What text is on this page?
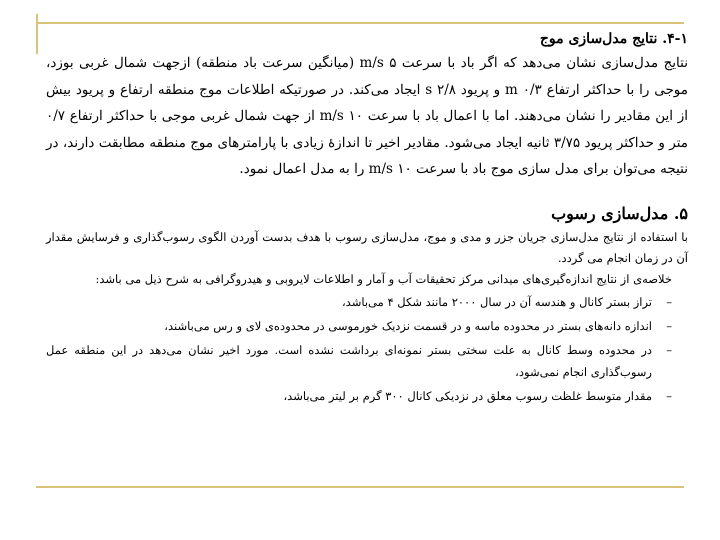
۴-۱. نتایج مدل‌سازی موج

نتایج مدل‌سازی نشان می‌دهد که اگر باد با سرعت ۵ m/s (میانگین سرعت باد منطقه) ازجهت شمال غربی بوزد، موجی را با حداکثر ارتفاع ۰/۳ m و پریود ۲/۸ s ایجاد می‌کند. در صورتیکه اطلاعات موج منطقه ارتفاع و پریود بیش از این مقادیر را نشان می‌دهند. اما با اعمال باد با سرعت ۱۰ m/s از جهت شمال غربی موجی با حداکثر ارتفاع ۰/۷ متر و حداکثر پریود ۳/۷۵ ثانیه ایجاد می‌شود. مقادیر اخیر تا اندازهٔ زیادی با پارامترهای موج منطقه مطابقت دارند، در نتیجه می‌توان برای مدل سازی موج باد با سرعت ۱۰ m/s را به مدل اعمال نمود.

۵. مدل‌سازی رسوب

با استفاده از نتایج مدل‌سازی جریان جزر و مدی و موج، مدل‌سازی رسوب با هدف بدست آوردن الگوی رسوب‌گذاری و فرسایش مقدار آن در زمان انجام می گردد.

خلاصه‌ی از نتایج اندازه‌گیری‌های میدانی مرکز تحقیقات آب و آمار و اطلاعات لایروبی و هیدروگرافی به شرح ذیل می باشد:

–
تراز بستر کانال و هندسه آن در سال ۲۰۰۰ مانند شکل ۴ می‌باشد،
–
اندازه دانه‌های بستر در محدوده ماسه و در قسمت نزدیک خورموسی در محدوده‌ی لای و رس می‌باشند،
–
در محدوده وسط کانال به علت سختی بستر نمونه‌ای برداشت نشده است. مورد اخیر نشان می‌دهد در این منطقه عمل رسوب‌گذاری انجام نمی‌شود،
–
مقدار متوسط غلظت رسوب معلق در نزدیکی کانال ۳۰۰ گرم بر لیتر می‌باشد،
